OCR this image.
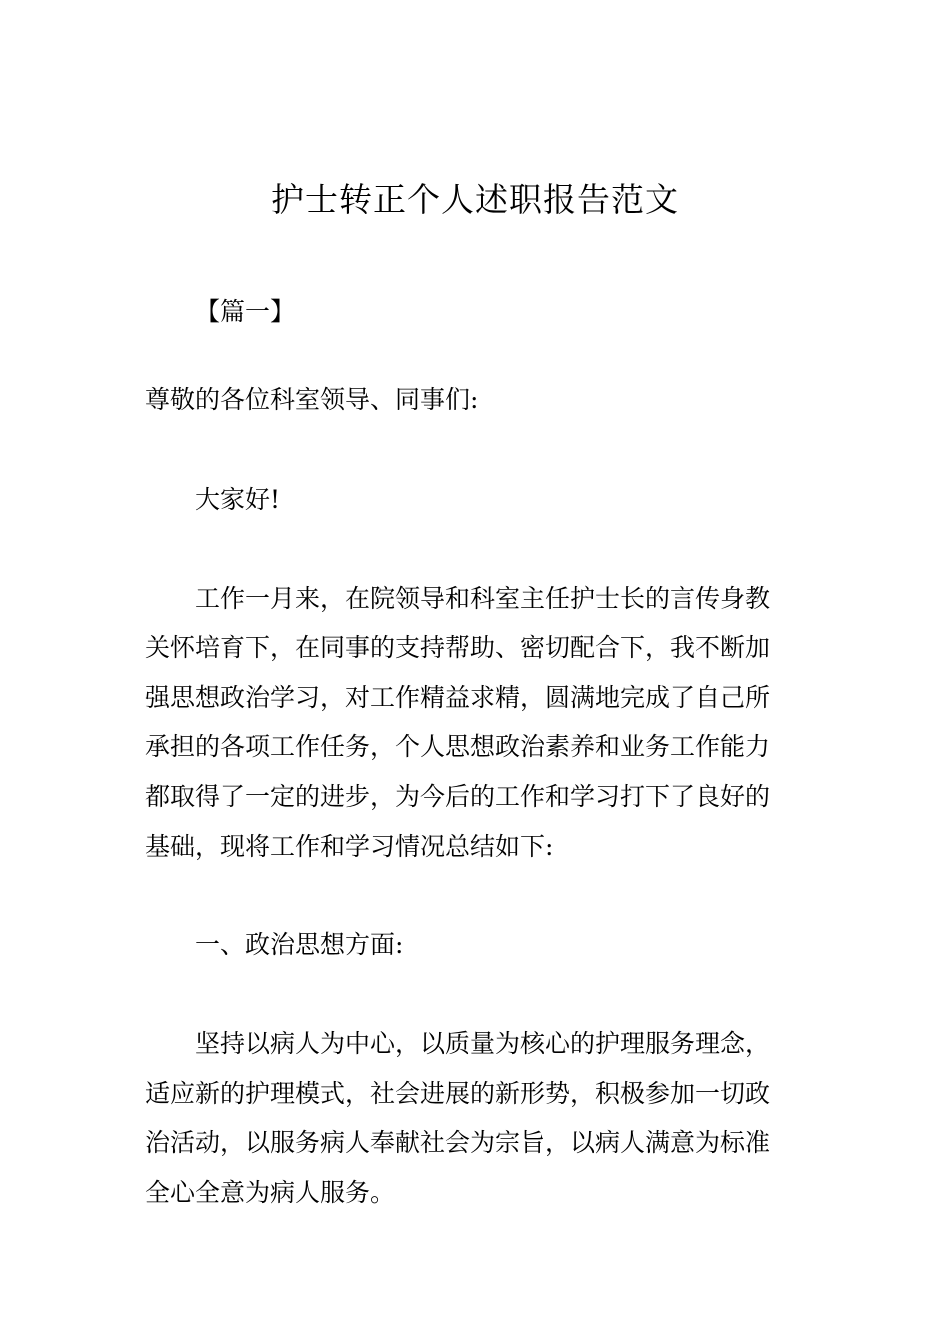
护士转正个人述职报告范文
【篇一】
尊敬的各位科室领导、同事们:
大家好!
工作一月来，在院领导和科室主任护士长的言传身教
关怀培育下，在同事的支持帮助、密切配合下，我不断加
强思想政治学习，对工作精益求精，圆满地完成了自己所
承担的各项工作任务，个人思想政治素养和业务工作能力
都取得了一定的进步，为今后的工作和学习打下了良好的
基础，现将工作和学习情况总结如下:
一、政治思想方面:
坚持以病人为中心，以质量为核心的护理服务理念，
适应新的护理模式，社会进展的新形势，积极参加一切政
治活动，以服务病人奉献社会为宗旨，以病人满意为标准
全心全意为病人服务。
